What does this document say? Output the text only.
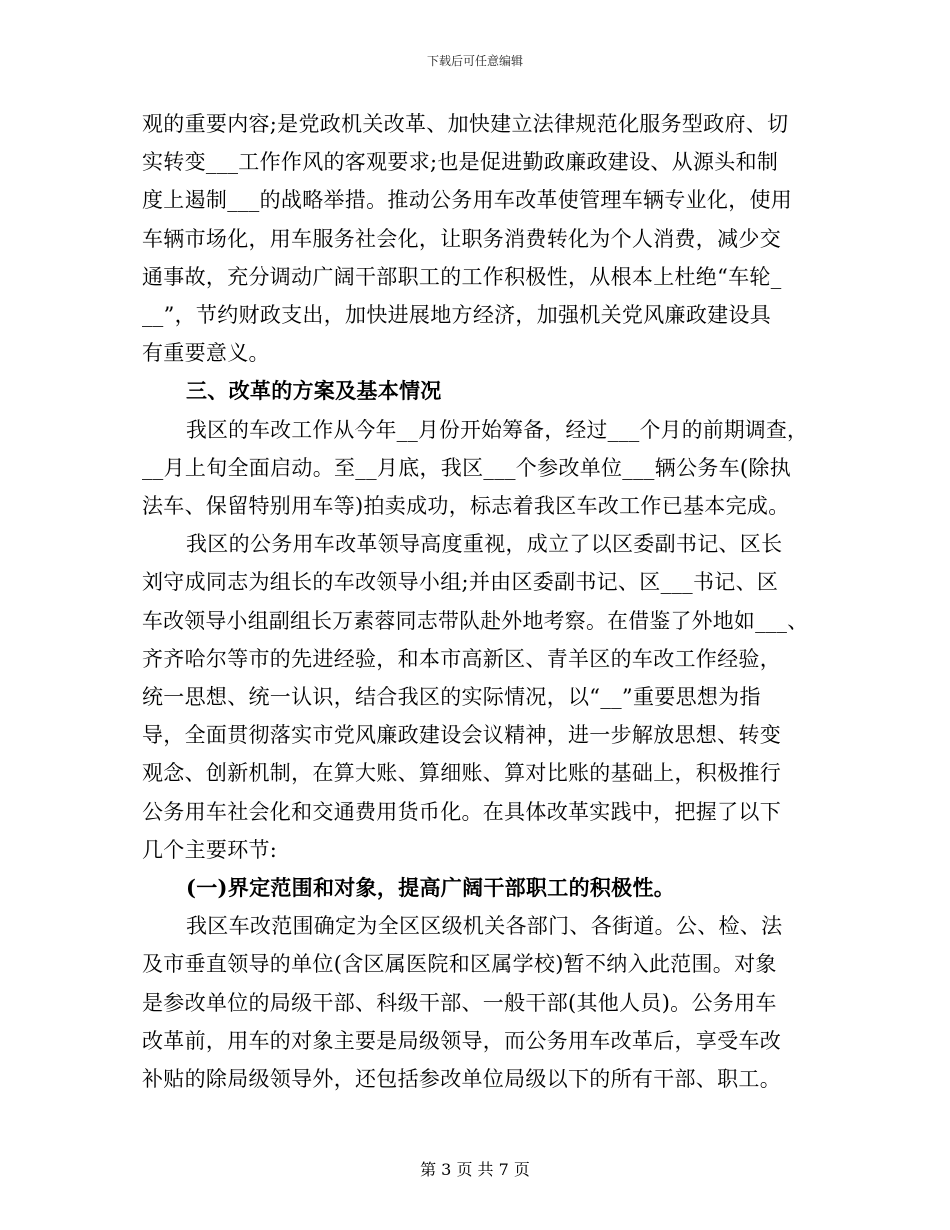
下载后可任意编辑
观的重要内容;是党政机关改革、加快建立法律规范化服务型政府、切
实转变___工作作风的客观要求;也是促进勤政廉政建设、从源头和制
度上遏制___的战略举措。推动公务用车改革使管理车辆专业化，使用
车辆市场化，用车服务社会化，让职务消费转化为个人消费，减少交
通事故，充分调动广阔干部职工的工作积极性，从根本上杜绝“车轮_
__”，节约财政支出，加快进展地方经济，加强机关党风廉政建设具
有重要意义。
三、改革的方案及基本情况
我区的车改工作从今年__月份开始筹备，经过___个月的前期调查，
__月上旬全面启动。至__月底，我区___个参改单位___辆公务车(除执
法车、保留特别用车等)拍卖成功，标志着我区车改工作已基本完成。
我区的公务用车改革领导高度重视，成立了以区委副书记、区长
刘守成同志为组长的车改领导小组;并由区委副书记、区___书记、区
车改领导小组副组长万素蓉同志带队赴外地考察。在借鉴了外地如___、
齐齐哈尔等市的先进经验，和本市高新区、青羊区的车改工作经验，
统一思想、统一认识，结合我区的实际情况，以“__”重要思想为指
导，全面贯彻落实市党风廉政建设会议精神，进一步解放思想、转变
观念、创新机制，在算大账、算细账、算对比账的基础上，积极推行
公务用车社会化和交通费用货币化。在具体改革实践中，把握了以下
几个主要环节:
(一)界定范围和对象，提高广阔干部职工的积极性。
我区车改范围确定为全区区级机关各部门、各街道。公、检、法
及市垂直领导的单位(含区属医院和区属学校)暂不纳入此范围。对象
是参改单位的局级干部、科级干部、一般干部(其他人员)。公务用车
改革前，用车的对象主要是局级领导，而公务用车改革后，享受车改
补贴的除局级领导外，还包括参改单位局级以下的所有干部、职工。
第 3 页 共 7 页
